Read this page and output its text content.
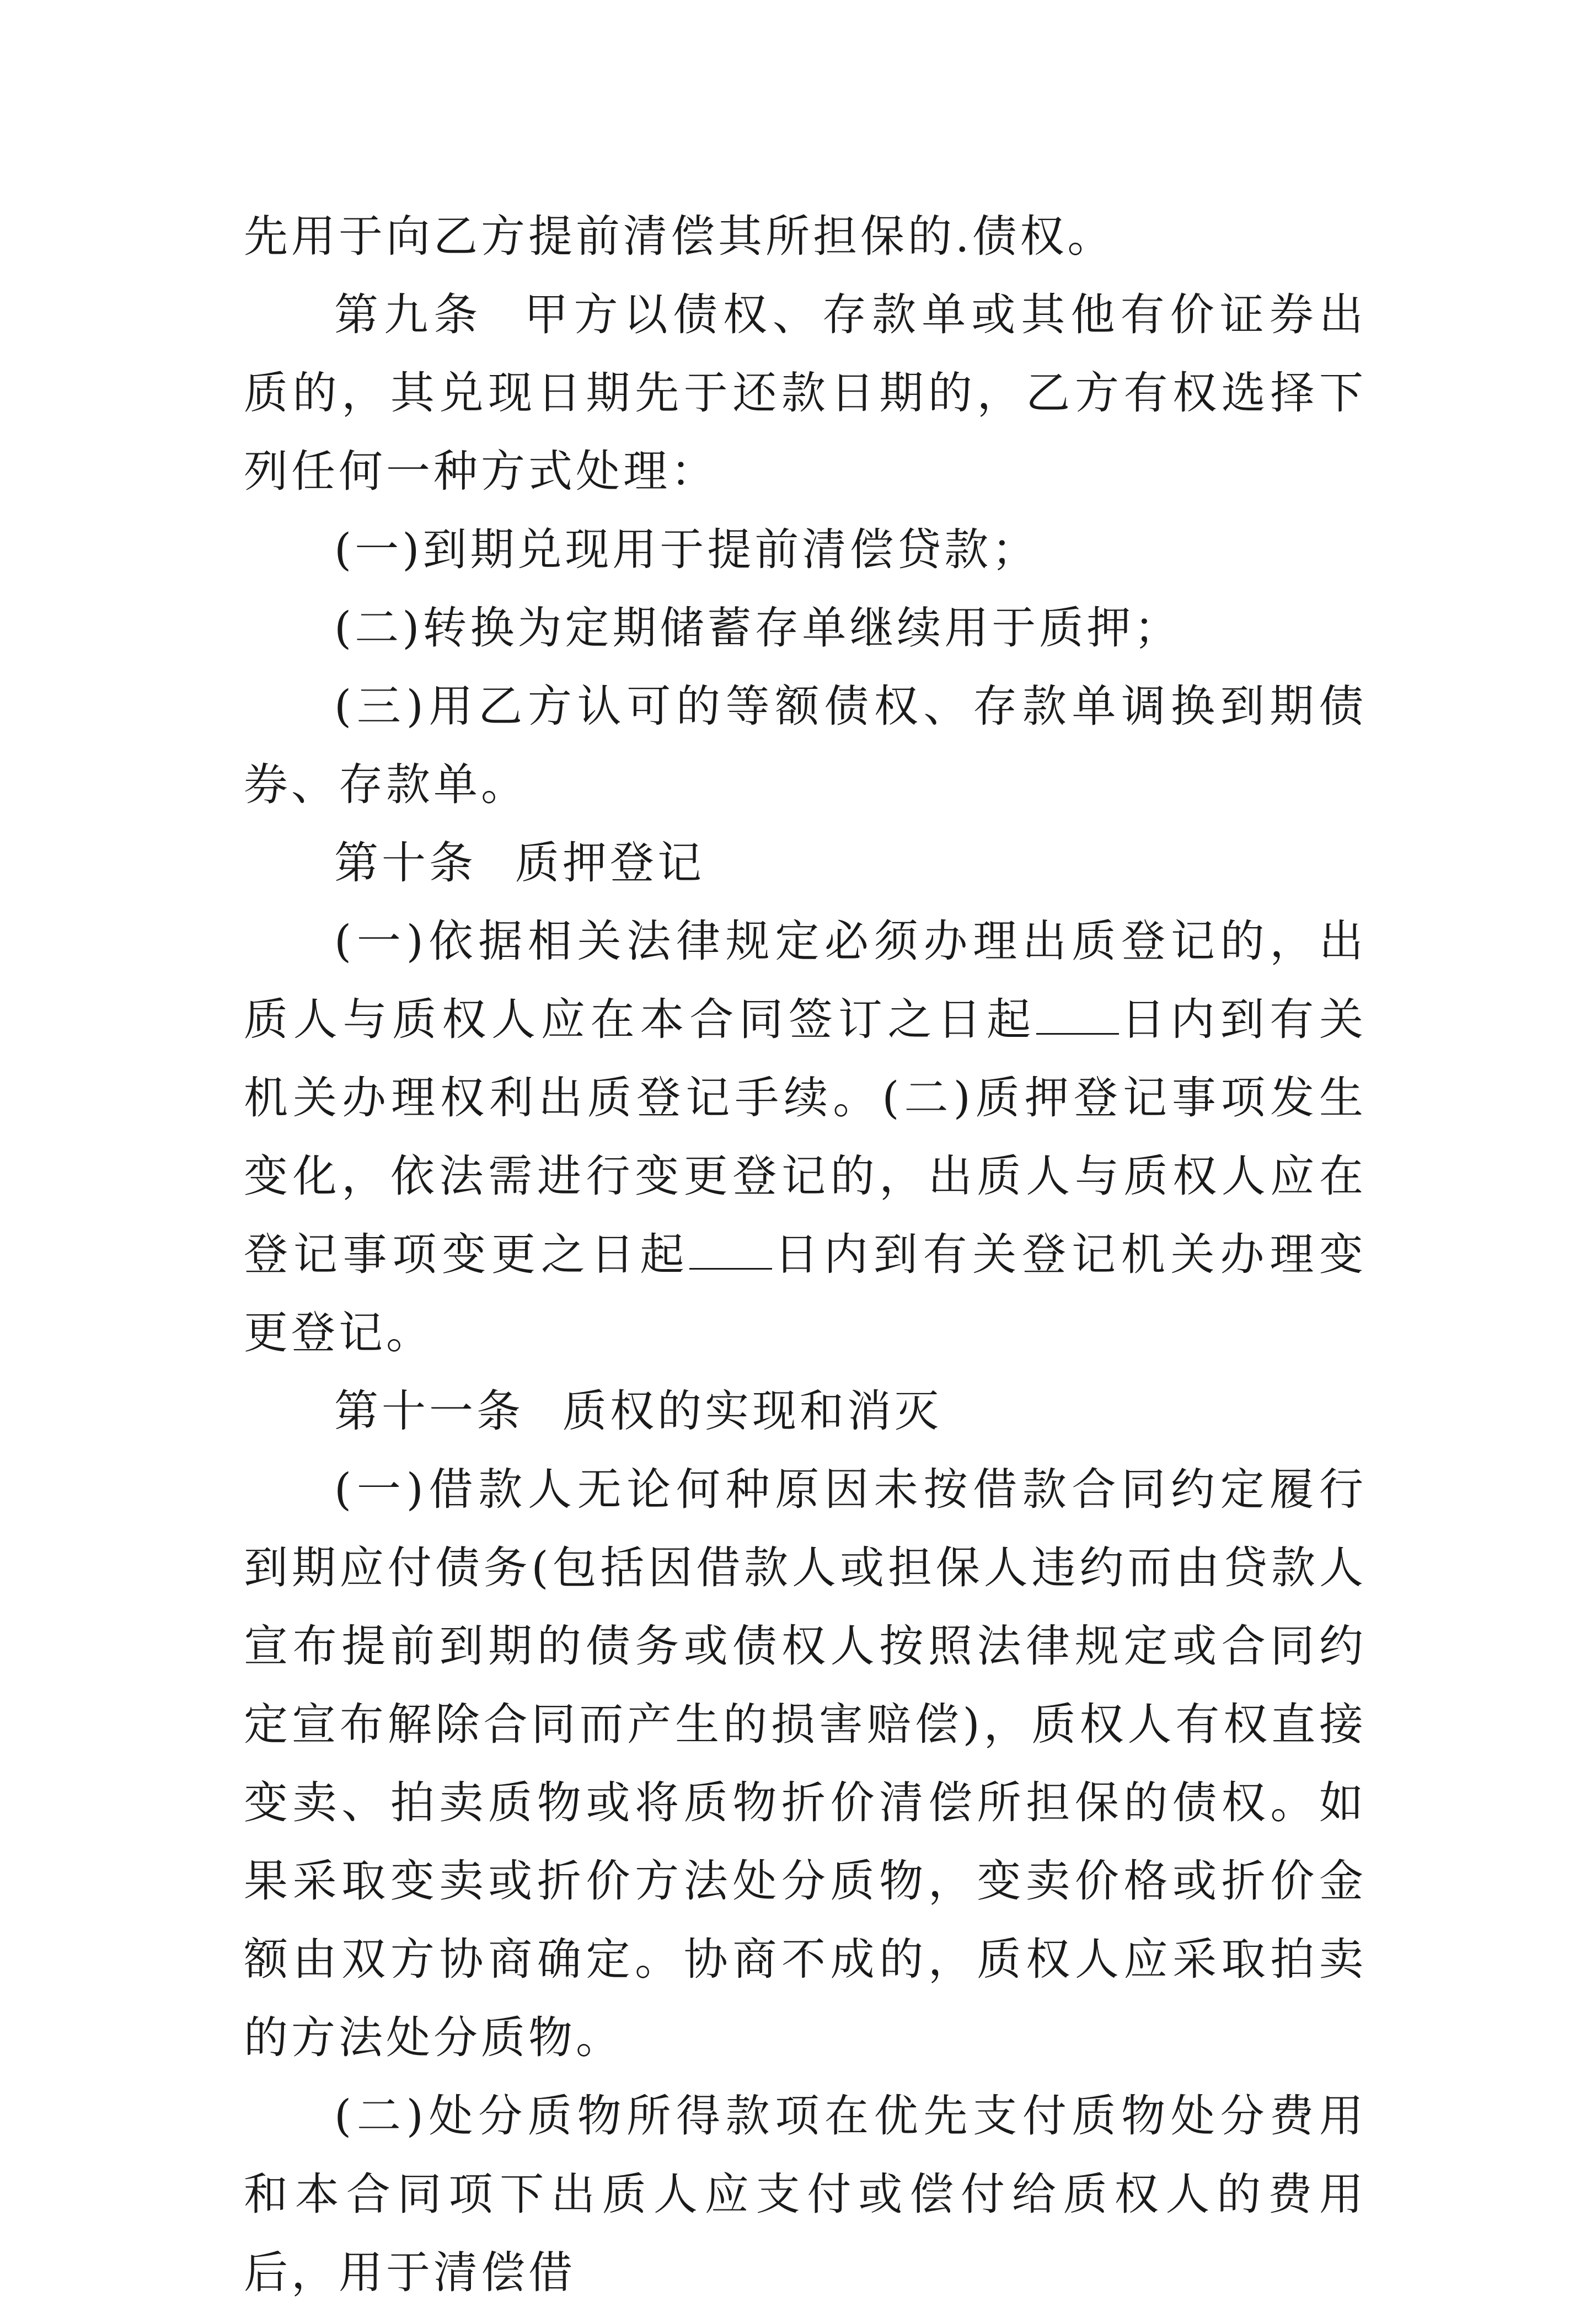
先用于向乙方提前清偿其所担保的.债权。

第九条 甲方以债权、存款单或其他有价证券出质的，其兑现日期先于还款日期的，乙方有权选择下列任何一种方式处理：

(一)到期兑现用于提前清偿贷款；

(二)转换为定期储蓄存单继续用于质押；

(三)用乙方认可的等额债权、存款单调换到期债券、存款单。

第十条 质押登记

(一)依据相关法律规定必须办理出质登记的，出质人与质权人应在本合同签订之日起 日内到有关机关办理权利出质登记手续。(二)质押登记事项发生变化，依法需进行变更登记的，出质人与质权人应在登记事项变更之日起 日内到有关登记机关办理变更登记。

第十一条 质权的实现和消灭

(一)借款人无论何种原因未按借款合同约定履行到期应付债务(包括因借款人或担保人违约而由贷款人宣布提前到期的债务或债权人按照法律规定或合同约定宣布解除合同而产生的损害赔偿)，质权人有权直接变卖、拍卖质物或将质物折价清偿所担保的债权。如果采取变卖或折价方法处分质物，变卖价格或折价金额由双方协商确定。协商不成的，质权人应采取拍卖的方法处分质物。

(二)处分质物所得款项在优先支付质物处分费用和本合同项下出质人应支付或偿付给质权人的费用后，用于清偿借
